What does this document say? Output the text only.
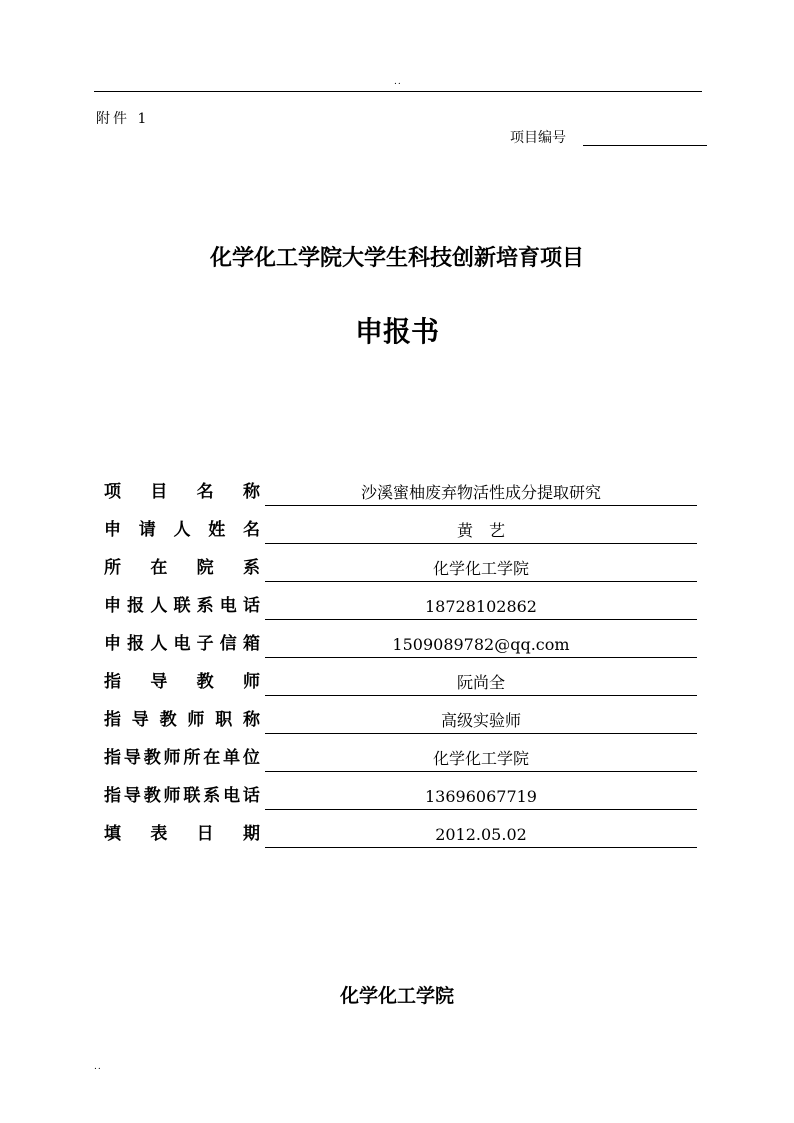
..
附件 1
项目编号
化学化工学院大学生科技创新培育项目
申报书
项 目 名 称	沙溪蜜柚废弃物活性成分提取研究
申 请 人 姓 名	黄　艺
所 在 院 系	化学化工学院
申 报 人 联 系 电 话	18728102862
申 报 人 电 子 信 箱	1509089782@qq.com
指 导 教 师	阮尚全
指 导 教 师 职 称	高级实验师
指 导 教 师 所 在 单 位	化学化工学院
指 导 教 师 联 系 电 话	13696067719
填 表 日 期	2012.05.02
化学化工学院
..
